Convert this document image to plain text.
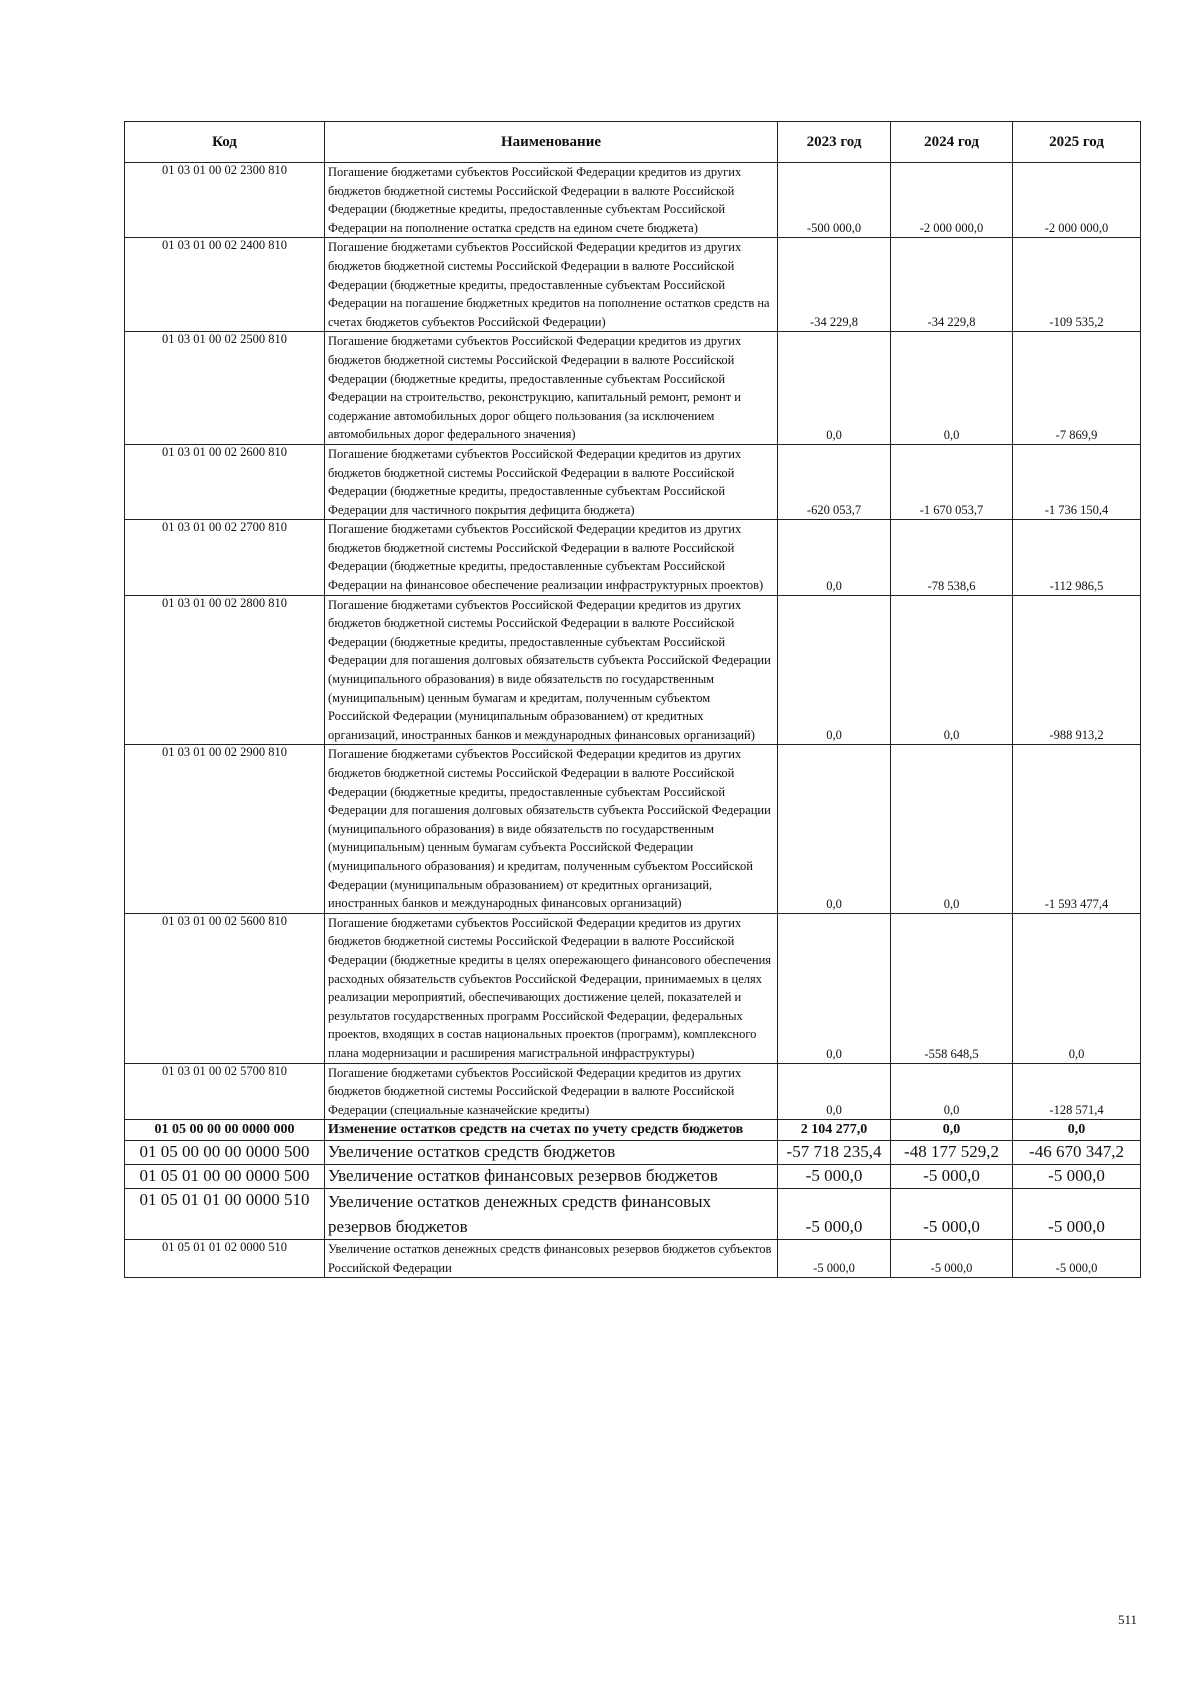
Код	Наименование	2023 год	2024 год	2025 год
01 03 01 00 02 2300 810	Погашение бюджетами субъектов Российской Федерации кредитов из других бюджетов бюджетной системы Российской Федерации в валюте Российской Федерации (бюджетные кредиты, предоставленные субъектам Российской Федерации на пополнение остатка средств на едином счете бюджета)	-500 000,0	-2 000 000,0	-2 000 000,0
01 03 01 00 02 2400 810	Погашение бюджетами субъектов Российской Федерации кредитов из других бюджетов бюджетной системы Российской Федерации в валюте Российской Федерации (бюджетные кредиты, предоставленные субъектам Российской Федерации на погашение бюджетных кредитов на пополнение остатков средств на счетах бюджетов субъектов Российской Федерации)	-34 229,8	-34 229,8	-109 535,2
01 03 01 00 02 2500 810	Погашение бюджетами субъектов Российской Федерации кредитов из других бюджетов бюджетной системы Российской Федерации в валюте Российской Федерации (бюджетные кредиты, предоставленные субъектам Российской Федерации на строительство, реконструкцию, капитальный ремонт, ремонт и содержание автомобильных дорог общего пользования (за исключением автомобильных дорог федерального значения)	0,0	0,0	-7 869,9
01 03 01 00 02 2600 810	Погашение бюджетами субъектов Российской Федерации кредитов из других бюджетов бюджетной системы Российской Федерации в валюте Российской Федерации (бюджетные кредиты, предоставленные субъектам Российской Федерации для частичного покрытия дефицита бюджета)	-620 053,7	-1 670 053,7	-1 736 150,4
01 03 01 00 02 2700 810	Погашение бюджетами субъектов Российской Федерации кредитов из других бюджетов бюджетной системы Российской Федерации в валюте Российской Федерации (бюджетные кредиты, предоставленные субъектам Российской Федерации на финансовое обеспечение реализации инфраструктурных проектов)	0,0	-78 538,6	-112 986,5
01 03 01 00 02 2800 810	Погашение бюджетами субъектов Российской Федерации кредитов из других бюджетов бюджетной системы Российской Федерации в валюте Российской Федерации (бюджетные кредиты, предоставленные субъектам Российской Федерации для погашения долговых обязательств субъекта Российской Федерации (муниципального образования) в виде обязательств по государственным (муниципальным) ценным бумагам и кредитам, полученным субъектом Российской Федерации (муниципальным образованием) от кредитных организаций, иностранных банков и международных финансовых организаций)	0,0	0,0	-988 913,2
01 03 01 00 02 2900 810	Погашение бюджетами субъектов Российской Федерации кредитов из других бюджетов бюджетной системы Российской Федерации в валюте Российской Федерации (бюджетные кредиты, предоставленные субъектам Российской Федерации для погашения долговых обязательств субъекта Российской Федерации (муниципального образования) в виде обязательств по государственным (муниципальным) ценным бумагам субъекта Российской Федерации (муниципального образования) и кредитам, полученным субъектом Российской Федерации (муниципальным образованием) от кредитных организаций, иностранных банков и международных финансовых организаций)	0,0	0,0	-1 593 477,4
01 03 01 00 02 5600 810	Погашение бюджетами субъектов Российской Федерации кредитов из других бюджетов бюджетной системы Российской Федерации в валюте Российской Федерации (бюджетные кредиты в целях опережающего финансового обеспечения расходных обязательств субъектов Российской Федерации, принимаемых в целях реализации мероприятий, обеспечивающих достижение целей, показателей и результатов государственных программ Российской Федерации, федеральных проектов, входящих в состав национальных проектов (программ), комплексного плана модернизации и расширения магистральной инфраструктуры)	0,0	-558 648,5	0,0
01 03 01 00 02 5700 810	Погашение бюджетами субъектов Российской Федерации кредитов из других бюджетов бюджетной системы Российской Федерации в валюте Российской Федерации (специальные казначейские кредиты)	0,0	0,0	-128 571,4
01 05 00 00 00 0000 000	Изменение остатков средств на счетах по учету средств бюджетов	2 104 277,0	0,0	0,0
01 05 00 00 00 0000 500	Увеличение остатков средств бюджетов	-57 718 235,4	-48 177 529,2	-46 670 347,2
01 05 01 00 00 0000 500	Увеличение остатков финансовых резервов бюджетов	-5 000,0	-5 000,0	-5 000,0
01 05 01 01 00 0000 510	Увеличение остатков денежных средств финансовых резервов бюджетов	-5 000,0	-5 000,0	-5 000,0
01 05 01 01 02 0000 510	Увеличение остатков денежных средств финансовых резервов бюджетов субъектов Российской Федерации	-5 000,0	-5 000,0	-5 000,0
511
